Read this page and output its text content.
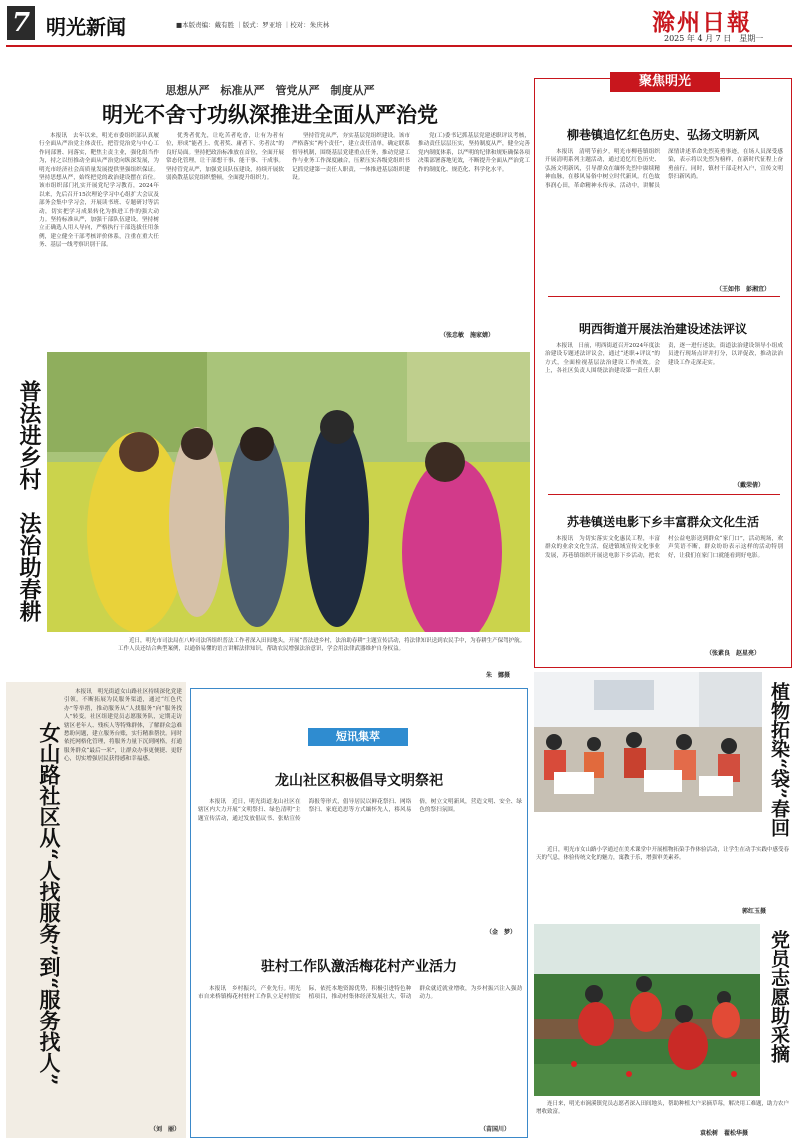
7 明光新闻	■本版责编：戴有胜 ｜版式：罗亚培 ｜校对：朱庆林	滁州日報
2025 年 4 月 7 日　星期一
思想从严　标准从严　管党从严　制度从严
明光不舍寸功纵深推进全面从严治党

本报讯　去年以来，明光市委组织部认真履行全面从严治党主体责任，把管党治党与中心工作同部署、同落实，靶焦主责主业，强化组当作为，持之以恒推动全面从严治党向纵深发展，为明光市经济社会高质量发展提供坚强组织保证。坚持思想从严，始终把党的政治建设摆在首位。该市组织部门扎实开展党纪学习教育，2024年以来，先后召开15次理论学习中心组扩大会议及部务会集中学习会，开展读书班、专题研讨等活动，切实把学习成果转化为推进工作的强大动力。坚持标准从严，加强干部队伍建设。坚持树立正确选人用人导向，严格执行干部选拔任用条例，建立健全干部考核评价体系，注重在重大任务、基层一线考察识别干部。

优秀者优先，让吃苦者吃香，让有为者有位，形成“能者上、优者奖、庸者下、劣者汰”的良好局面。坚持把政治标准放在首位，全面开展常态化管理，让干部想干事、能干事、干成事。坚持管党从严，加强党员队伍建设，持续开展软弱涣散基层党组织整顿，全面提升组织力。

坚持管党从严，夯实基层党组织建设。该市严格落实“两个责任”，建立责任清单，确定联系督导机制，围绕基层党建重点任务，推动党建工作与业务工作深度融合，压紧压实各级党组织书记抓党建第一责任人职责，一体推进基层组织建设。

党(工)委书记抓基层党建述职评议考核，推动责任层层压实，坚持制度从严，健全完善党内制度体系，以严明的纪律和规矩确保各项决策部署落地见效，不断提升全面从严治党工作的制度化、规范化、科学化水平。

（张忠敏　施家婧）
普法进乡村　法治助春耕
近日，明光市司法局在八岭司法所组织普法工作者深入田间地头，开展“普法进乡村，法治助春耕”主题宣传活动，将法律知识送到农民手中，为春耕生产保驾护航。工作人员还结合典型案例，以通俗易懂的语言讲解法律知识，帮助农民增强法治意识，学会用法律武器维护自身权益。
朱　娜摄
聚焦明光
柳巷镇追忆红色历史、弘扬文明新风

本报讯　清明节前夕，明光市柳巷镇组织开展清明系列主题活动，通过追忆红色历史、弘扬文明新风，引导群众在缅怀先烈中赓续精神血脉，在移风易俗中树立时代新风。红色故事润心田，革命精神永传承。活动中，讲解员深情讲述革命先烈英勇事迹，在场人员深受感染，表示将以先烈为榜样，在新时代征程上奋勇前行。同时，镇村干部走村入户，宣传文明祭扫新风尚。

（王如伟　彭湘宜）
明西街道开展法治建设述法评议

本报讯　日前，明西街道召开2024年度法治建设专题述法评议会，通过“述职+评议”的方式，全面检视基层法治建设工作成效。会上，各社区负责人围绕法治建设第一责任人职责，逐一进行述法，街道法治建设领导小组成员进行现场点评并打分，以评促改，推动法治建设工作走深走实。

（戴荣倩）
苏巷镇送电影下乡丰富群众文化生活

本报讯　为切实落实文化惠民工程，丰富群众的业余文化生活，促进镇域宣传文化事业发展，苏巷镇组织开展送电影下乡活动，把农村公益电影送到群众“家门口”，活动现场，欢声笑语不断，群众纷纷表示这样的活动特别好，让我们在家门口就能看到好电影。

（张素良　赵星亮）
女山路社区从“人找服务”到“服务找人”

本报讯　明光街道女山路社区持续深化党建引领，不断拓展为民服务渠道，通过“红色代办”等举措，推动服务从“人找服务”向“服务找人”转变。社区组建党员志愿服务队，定期走访辖区老年人、残疾人等特殊群体，了解群众急难愁盼问题，建立服务台账，实行精准帮扶。同时依托网格化管理，将服务力量下沉到网格，打通服务群众“最后一米”，让群众办事更便捷、更舒心，切实增强居民获得感和幸福感。

（刘　丽）
短讯集萃
龙山社区积极倡导文明祭祀

本报讯　近日，明光街道龙山社区在辖区内大力开展“文明祭扫、绿色清明”主题宣传活动，通过发放倡议书、张贴宣传海报等形式，倡导居民以鲜花祭扫、网络祭扫、家庭追思等方式缅怀先人，移风易俗，树立文明新风，营造文明、安全、绿色的祭扫氛围。

（金　梦）
驻村工作队激活梅花村产业活力

本报讯　乡村振兴，产业先行。明光市自来桥镇梅花村驻村工作队立足村情实际，依托本地资源优势，积极引进特色种植项目，推动村集体经济发展壮大，带动群众就近就业增收，为乡村振兴注入强劲动力。

（苗国川）
植物拓染“袋”春回
近日，明光市女山路小学通过在美术课堂中开展植物拓染手作体验活动，让学生在动手实践中感受春天的气息，体验传统文化的魅力，寓教于乐，增强审美素养。
郭红玉摄
党员志愿助采摘
连日来，明光市涧溪镇党员志愿者深入田间地头，帮助种植大户采摘草莓，解决用工难题，助力农户增收致富。
袁松树　翟松华摄
